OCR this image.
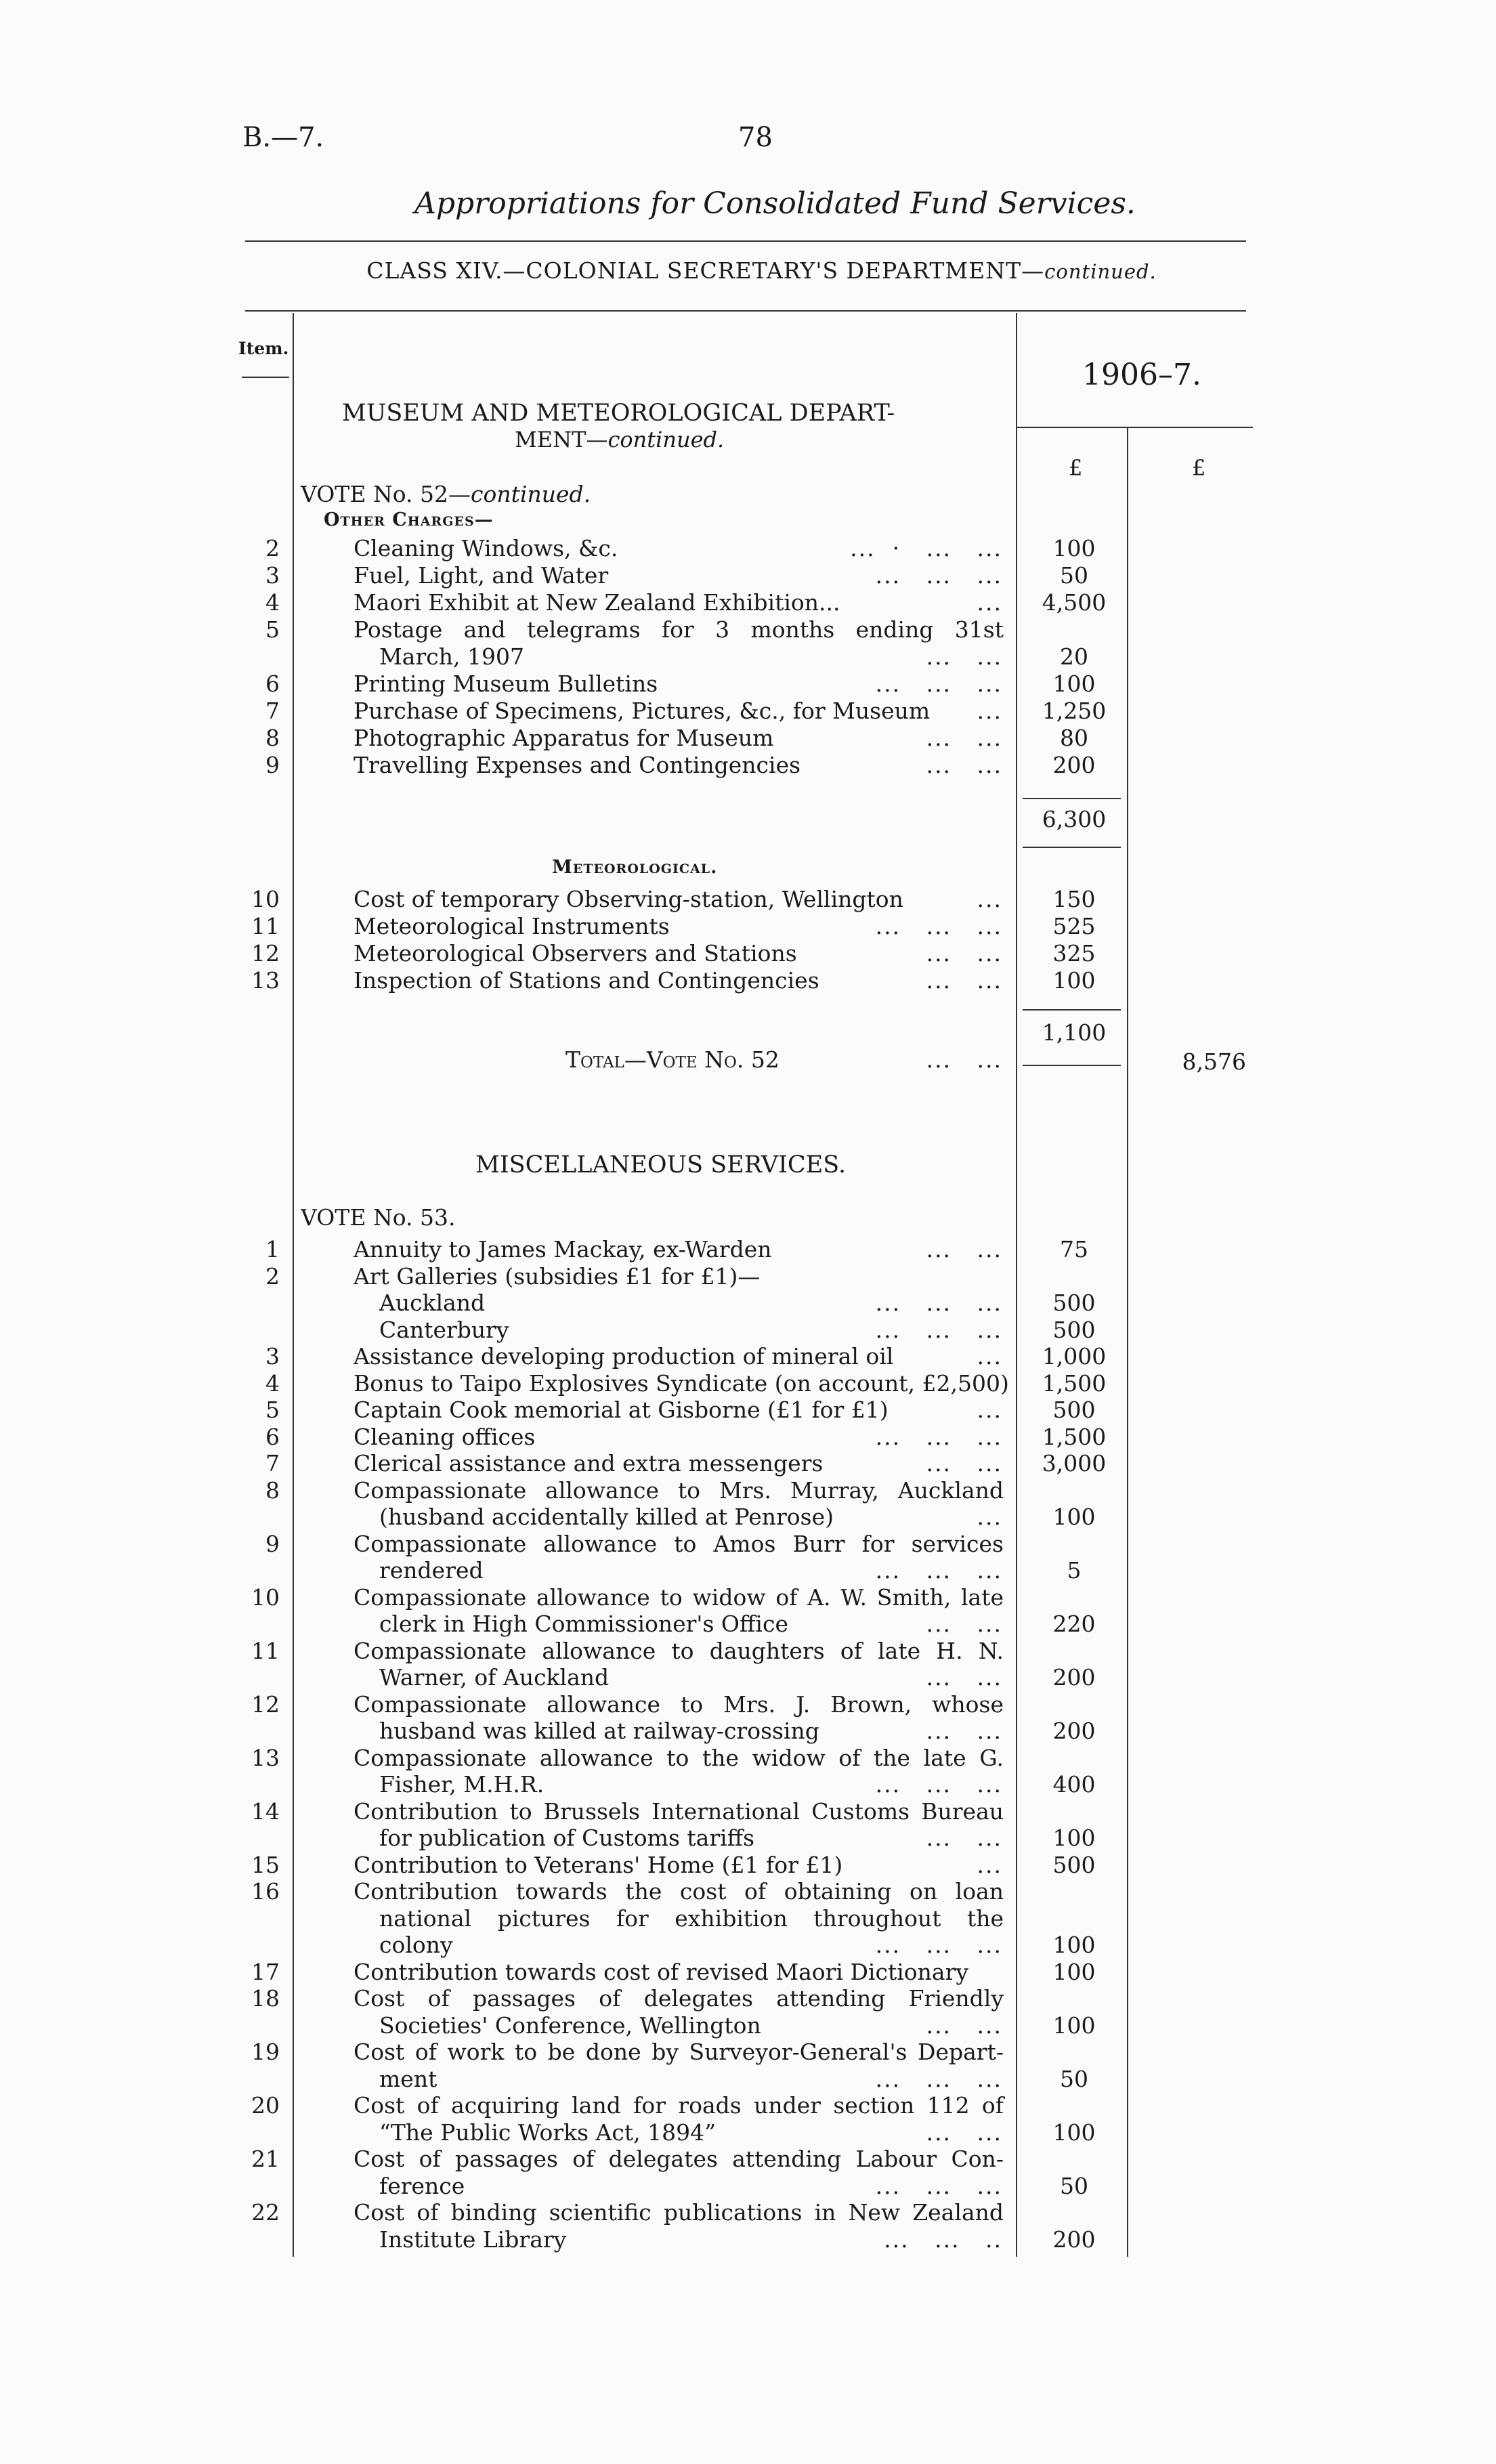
B.—7.	78
Appropriations for Consolidated Fund Services.
CLASS XIV.—COLONIAL SECRETARY'S DEPARTMENT—continued.
Item.
1906–7.
£	£
MUSEUM AND METEOROLOGICAL DEPART-
MENT—continued.
VOTE No. 52—continued.
Other Charges—
2	Cleaning Windows, &c.	...  ·   ...   ...	100
3	Fuel, Light, and Water	...   ...   ...	50
4	Maori Exhibit at New Zealand Exhibition...	...	4,500
5	Postage and telegrams for 3 months ending 31st
March, 1907	...   ...	20
6	Printing Museum Bulletins	...   ...   ...	100
7	Purchase of Specimens, Pictures, &c., for Museum	...	1,250
8	Photographic Apparatus for Museum	...   ...	80
9	Travelling Expenses and Contingencies	...   ...	200
6,300
Meteorological.
10	Cost of temporary Observing-station, Wellington	...	150
11	Meteorological Instruments	...   ...   ...	525
12	Meteorological Observers and Stations	...   ...	325
13	Inspection of Stations and Contingencies	...   ...	100
1,100
Total—Vote No. 52	...   ...	8,576
MISCELLANEOUS SERVICES.
VOTE No. 53.
1	Annuity to James Mackay, ex-Warden	...   ...	75
2	Art Galleries (subsidies £1 for £1)—
Auckland	...   ...   ...	500
Canterbury	...   ...   ...	500
3	Assistance developing production of mineral oil	...	1,000
4	Bonus to Taipo Explosives Syndicate (on account, £2,500)	1,500
5	Captain Cook memorial at Gisborne (£1 for £1)	...	500
6	Cleaning offices	...   ...   ...	1,500
7	Clerical assistance and extra messengers	...   ...	3,000
8	Compassionate allowance to Mrs. Murray, Auckland
(husband accidentally killed at Penrose)	...	100
9	Compassionate allowance to Amos Burr for services
rendered	...   ...   ...	5
10	Compassionate allowance to widow of A. W. Smith, late
clerk in High Commissioner's Office	...   ...	220
11	Compassionate allowance to daughters of late H. N.
Warner, of Auckland	...   ...	200
12	Compassionate allowance to Mrs. J. Brown, whose
husband was killed at railway-crossing	...   ...	200
13	Compassionate allowance to the widow of the late G.
Fisher, M.H.R.	...   ...   ...	400
14	Contribution to Brussels International Customs Bureau
for publication of Customs tariffs	...   ...	100
15	Contribution to Veterans' Home (£1 for £1)	...	500
16	Contribution towards the cost of obtaining on loan
national pictures for exhibition throughout the
colony	...   ...   ...	100
17	Contribution towards cost of revised Maori Dictionary	100
18	Cost of passages of delegates attending Friendly
Societies' Conference, Wellington	...   ...	100
19	Cost of work to be done by Surveyor-General's Depart-
ment	...   ...   ...	50
20	Cost of acquiring land for roads under section 112 of
“The Public Works Act, 1894”	...   ...	100
21	Cost of passages of delegates attending Labour Con-
ference	...   ...   ...	50
22	Cost of binding scientific publications in New Zealand
Institute Library	...   ...   ..	200
